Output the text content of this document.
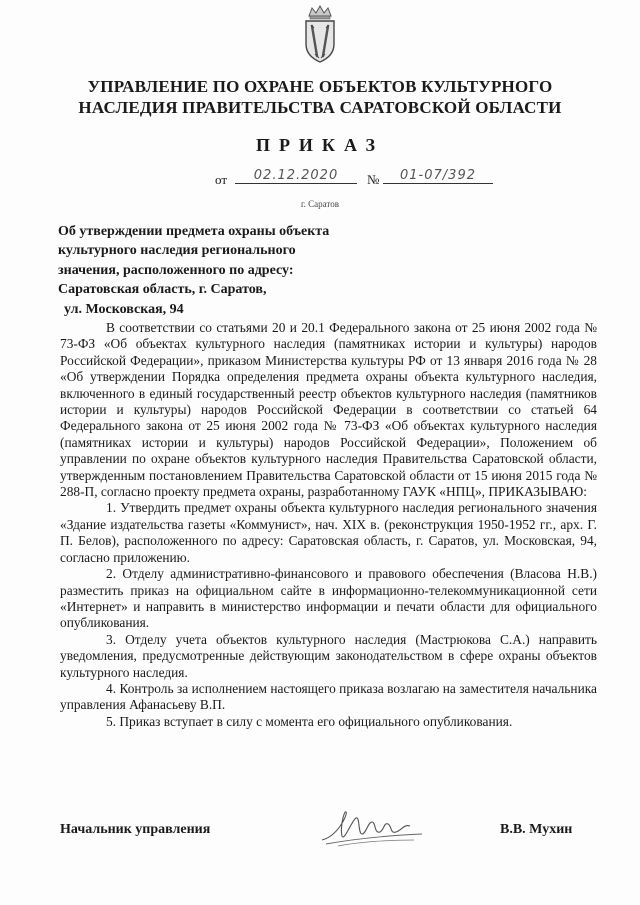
УПРАВЛЕНИЕ ПО ОХРАНЕ ОБЪЕКТОВ КУЛЬТУРНОГО
НАСЛЕДИЯ ПРАВИТЕЛЬСТВА САРАТОВСКОЙ ОБЛАСТИ
ПРИКАЗ
от	02.12.2020	№	01-07/392
г. Саратов
Об утверждении предмета охраны объекта
культурного наследия регионального
значения, расположенного по адресу:
Саратовская область, г. Саратов,
ул. Московская, 94

В соответствии со статьями 20 и 20.1 Федерального закона от 25 июня 2002 года № 73-ФЗ «Об объектах культурного наследия (памятниках истории и культуры) народов Российской Федерации», приказом Министерства культуры РФ от 13 января 2016 года № 28 «Об утверждении Порядка определения предмета охраны объекта культурного наследия, включенного в единый государственный реестр объектов культурного наследия (памятников истории и культуры) народов Российской Федерации в соответствии со статьей 64 Федерального закона от 25 июня 2002 года № 73-ФЗ «Об объектах культурного наследия (памятниках истории и культуры) народов Российской Федерации», Положением об управлении по охране объектов культурного наследия Правительства Саратовской области, утвержденным постановлением Правительства Саратовской области от 15 июня 2015 года № 288-П, согласно проекту предмета охраны, разработанному ГАУК «НПЦ», ПРИКАЗЫВАЮ:

1. Утвердить предмет охраны объекта культурного наследия регионального значения «Здание издательства газеты «Коммунист», нач. XIX в. (реконструкция 1950-1952 гг., арх. Г. П. Белов), расположенного по адресу: Саратовская область, г. Саратов, ул. Московская, 94, согласно приложению.

2. Отделу административно-финансового и правового обеспечения (Власова Н.В.) разместить приказ на официальном сайте в информационно-телекоммуникационной сети «Интернет» и направить в министерство информации и печати области для официального опубликования.

3. Отделу учета объектов культурного наследия (Мастрюкова С.А.) направить уведомления, предусмотренные действующим законодательством в сфере охраны объектов культурного наследия.

4. Контроль за исполнением настоящего приказа возлагаю на заместителя начальника управления Афанасьеву В.П.

5. Приказ вступает в силу с момента его официального опубликования.

Начальник управления	В.В. Мухин
